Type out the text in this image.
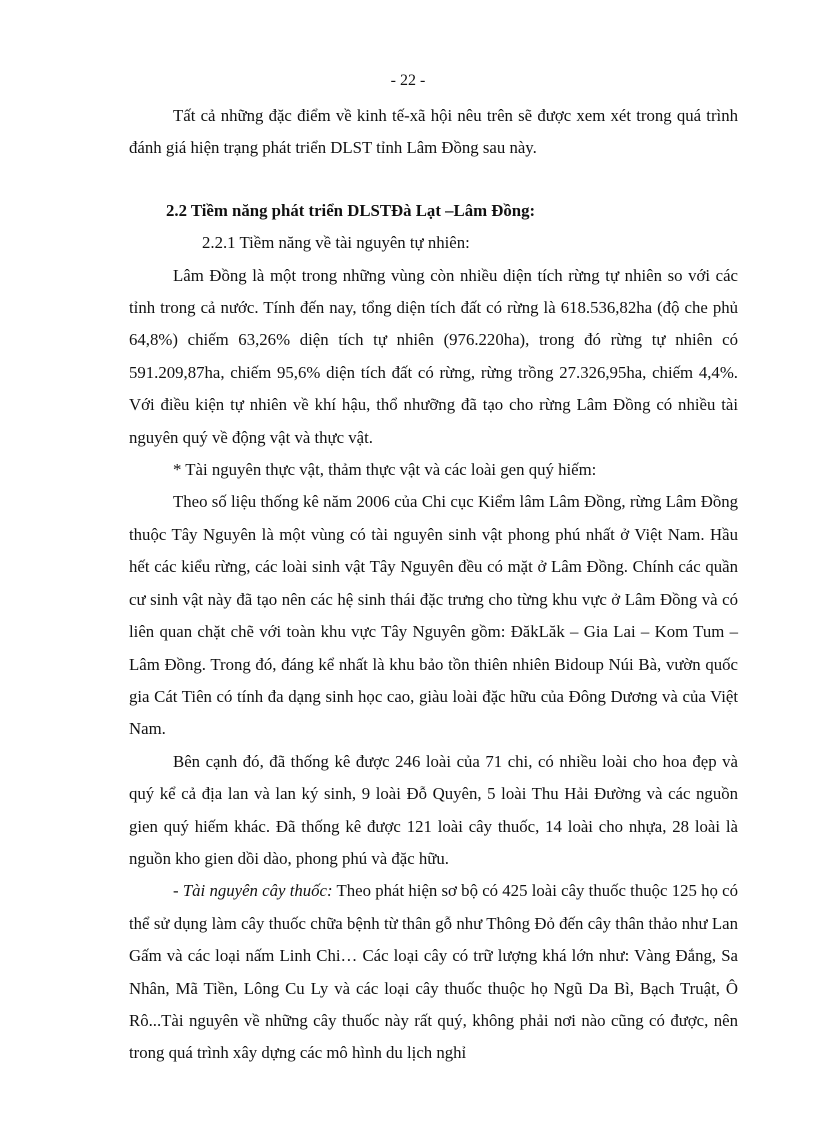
- 22 -

Tất cả những đặc điểm về kinh tế-xã hội nêu trên sẽ được xem xét trong quá trình đánh giá hiện trạng phát triển DLST tỉnh Lâm Đồng sau này.

2.2 Tiềm năng phát triển DLSTĐà Lạt –Lâm Đồng:
2.2.1 Tiềm năng về tài nguyên tự nhiên:

Lâm Đồng là một trong những vùng còn nhiều diện tích rừng tự nhiên so với các tỉnh trong cả nước. Tính đến nay, tổng diện tích đất có rừng là 618.536,82ha (độ che phủ 64,8%) chiếm 63,26% diện tích tự nhiên (976.220ha), trong đó rừng tự nhiên có 591.209,87ha, chiếm 95,6% diện tích đất có rừng, rừng trồng 27.326,95ha, chiếm 4,4%. Với điều kiện tự nhiên về khí hậu, thổ nhưỡng đã tạo cho rừng Lâm Đồng có nhiều tài nguyên quý về động vật và thực vật.

* Tài nguyên thực vật, thảm thực vật và các loài gen quý hiếm:

Theo số liệu thống kê năm 2006 của Chi cục Kiểm lâm Lâm Đồng, rừng Lâm Đồng thuộc Tây Nguyên là một vùng có tài nguyên sinh vật phong phú nhất ở Việt Nam. Hầu hết các kiểu rừng, các loài sinh vật Tây Nguyên đều có mặt ở Lâm Đồng. Chính các quần cư sinh vật này đã tạo nên các hệ sinh thái đặc trưng cho từng khu vực ở Lâm Đồng và có liên quan chặt chẽ với toàn khu vực Tây Nguyên gồm: ĐăkLăk – Gia Lai – Kom Tum – Lâm Đồng. Trong đó, đáng kể nhất là khu bảo tồn thiên nhiên Bidoup Núi Bà, vườn quốc gia Cát Tiên có tính đa dạng sinh học cao, giàu loài đặc hữu của Đông Dương và của Việt Nam.

Bên cạnh đó, đã thống kê được 246 loài của 71 chi, có nhiều loài cho hoa đẹp và quý kể cả địa lan và lan ký sinh, 9 loài Đỗ Quyên, 5 loài Thu Hải Đường và các nguồn gien quý hiếm khác. Đã thống kê được 121 loài cây thuốc, 14 loài cho nhựa, 28 loài là nguồn kho gien dồi dào, phong phú và đặc hữu.

- Tài nguyên cây thuốc: Theo phát hiện sơ bộ có 425 loài cây thuốc thuộc 125 họ có thể sử dụng làm cây thuốc chữa bệnh từ thân gỗ như Thông Đỏ đến cây thân thảo như Lan Gấm và các loại nấm Linh Chi… Các loại cây có trữ lượng khá lớn như: Vàng Đắng, Sa Nhân, Mã Tiền, Lông Cu Ly và các loại cây thuốc thuộc họ Ngũ Da Bì, Bạch Truật, Ô Rô...Tài nguyên về những cây thuốc này rất quý, không phải nơi nào cũng có được, nên trong quá trình xây dựng các mô hình du lịch nghỉ
